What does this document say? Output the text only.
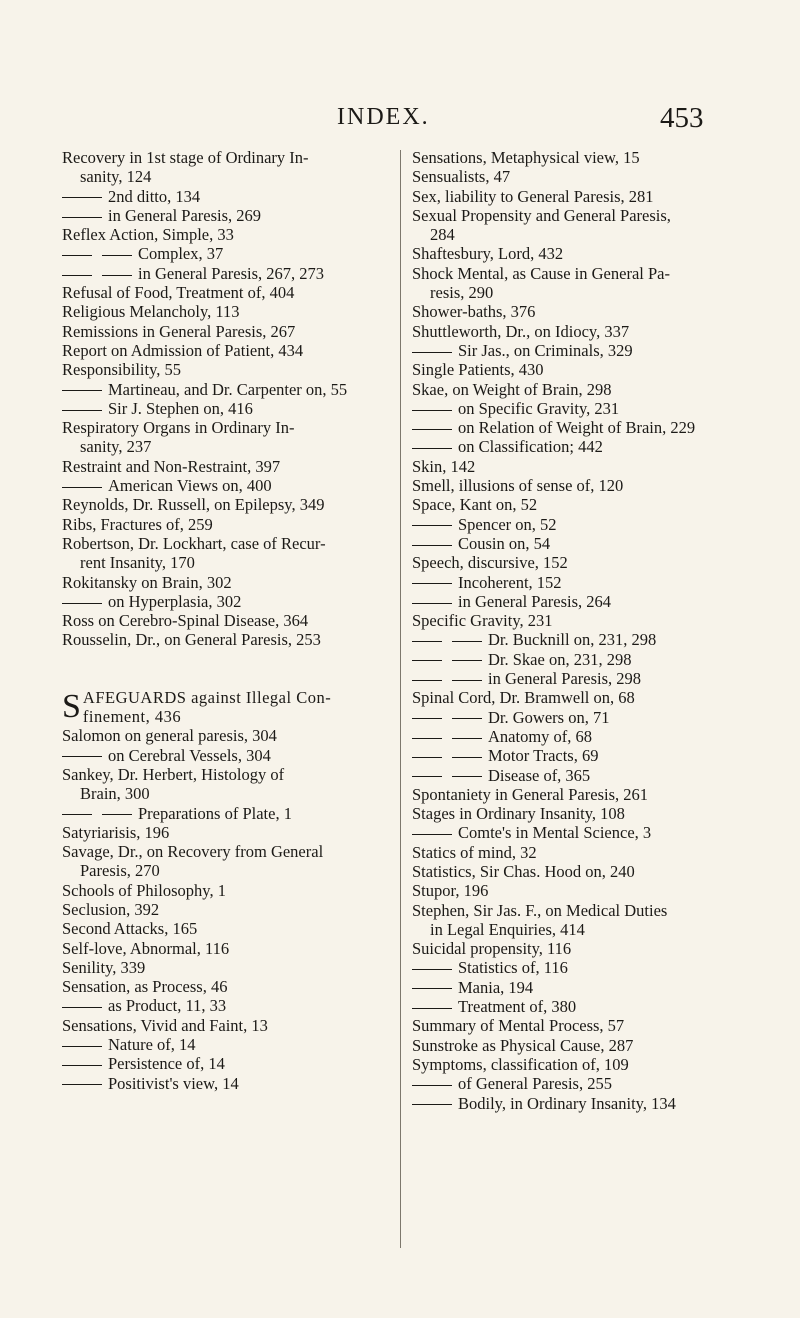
INDEX.	453
Recovery in 1st stage of Ordinary In-
sanity, 124
2nd ditto, 134
in General Paresis, 269
Reflex Action, Simple, 33
Complex, 37
in General Paresis, 267, 273
Refusal of Food, Treatment of, 404
Religious Melancholy, 113
Remissions in General Paresis, 267
Report on Admission of Patient, 434
Responsibility, 55
Martineau, and Dr. Carpenter on, 55
Sir J. Stephen on, 416
Respiratory Organs in Ordinary In-
sanity, 237
Restraint and Non-Restraint, 397
American Views on, 400
Reynolds, Dr. Russell, on Epilepsy, 349
Ribs, Fractures of, 259
Robertson, Dr. Lockhart, case of Recur-
rent Insanity, 170
Rokitansky on Brain, 302
on Hyperplasia, 302
Ross on Cerebro-Spinal Disease, 364
Rousselin, Dr., on General Paresis, 253
S AFEGUARDS against Illegal Con-
finement, 436
Salomon on general paresis, 304
on Cerebral Vessels, 304
Sankey, Dr. Herbert, Histology of
Brain, 300
Preparations of Plate, 1
Satyriarisis, 196
Savage, Dr., on Recovery from General
Paresis, 270
Schools of Philosophy, 1
Seclusion, 392
Second Attacks, 165
Self-love, Abnormal, 116
Senility, 339
Sensation, as Process, 46
as Product, 11, 33
Sensations, Vivid and Faint, 13
Nature of, 14
Persistence of, 14
Positivist's view, 14
Sensations, Metaphysical view, 15
Sensualists, 47
Sex, liability to General Paresis, 281
Sexual Propensity and General Paresis,
284
Shaftesbury, Lord, 432
Shock Mental, as Cause in General Pa-
resis, 290
Shower-baths, 376
Shuttleworth, Dr., on Idiocy, 337
Sir Jas., on Criminals, 329
Single Patients, 430
Skae, on Weight of Brain, 298
on Specific Gravity, 231
on Relation of Weight of Brain, 229
on Classification; 442
Skin, 142
Smell, illusions of sense of, 120
Space, Kant on, 52
Spencer on, 52
Cousin on, 54
Speech, discursive, 152
Incoherent, 152
in General Paresis, 264
Specific Gravity, 231
Dr. Bucknill on, 231, 298
Dr. Skae on, 231, 298
in General Paresis, 298
Spinal Cord, Dr. Bramwell on, 68
Dr. Gowers on, 71
Anatomy of, 68
Motor Tracts, 69
Disease of, 365
Spontaniety in General Paresis, 261
Stages in Ordinary Insanity, 108
Comte's in Mental Science, 3
Statics of mind, 32
Statistics, Sir Chas. Hood on, 240
Stupor, 196
Stephen, Sir Jas. F., on Medical Duties
in Legal Enquiries, 414
Suicidal propensity, 116
Statistics of, 116
Mania, 194
Treatment of, 380
Summary of Mental Process, 57
Sunstroke as Physical Cause, 287
Symptoms, classification of, 109
of General Paresis, 255
Bodily, in Ordinary Insanity, 134
